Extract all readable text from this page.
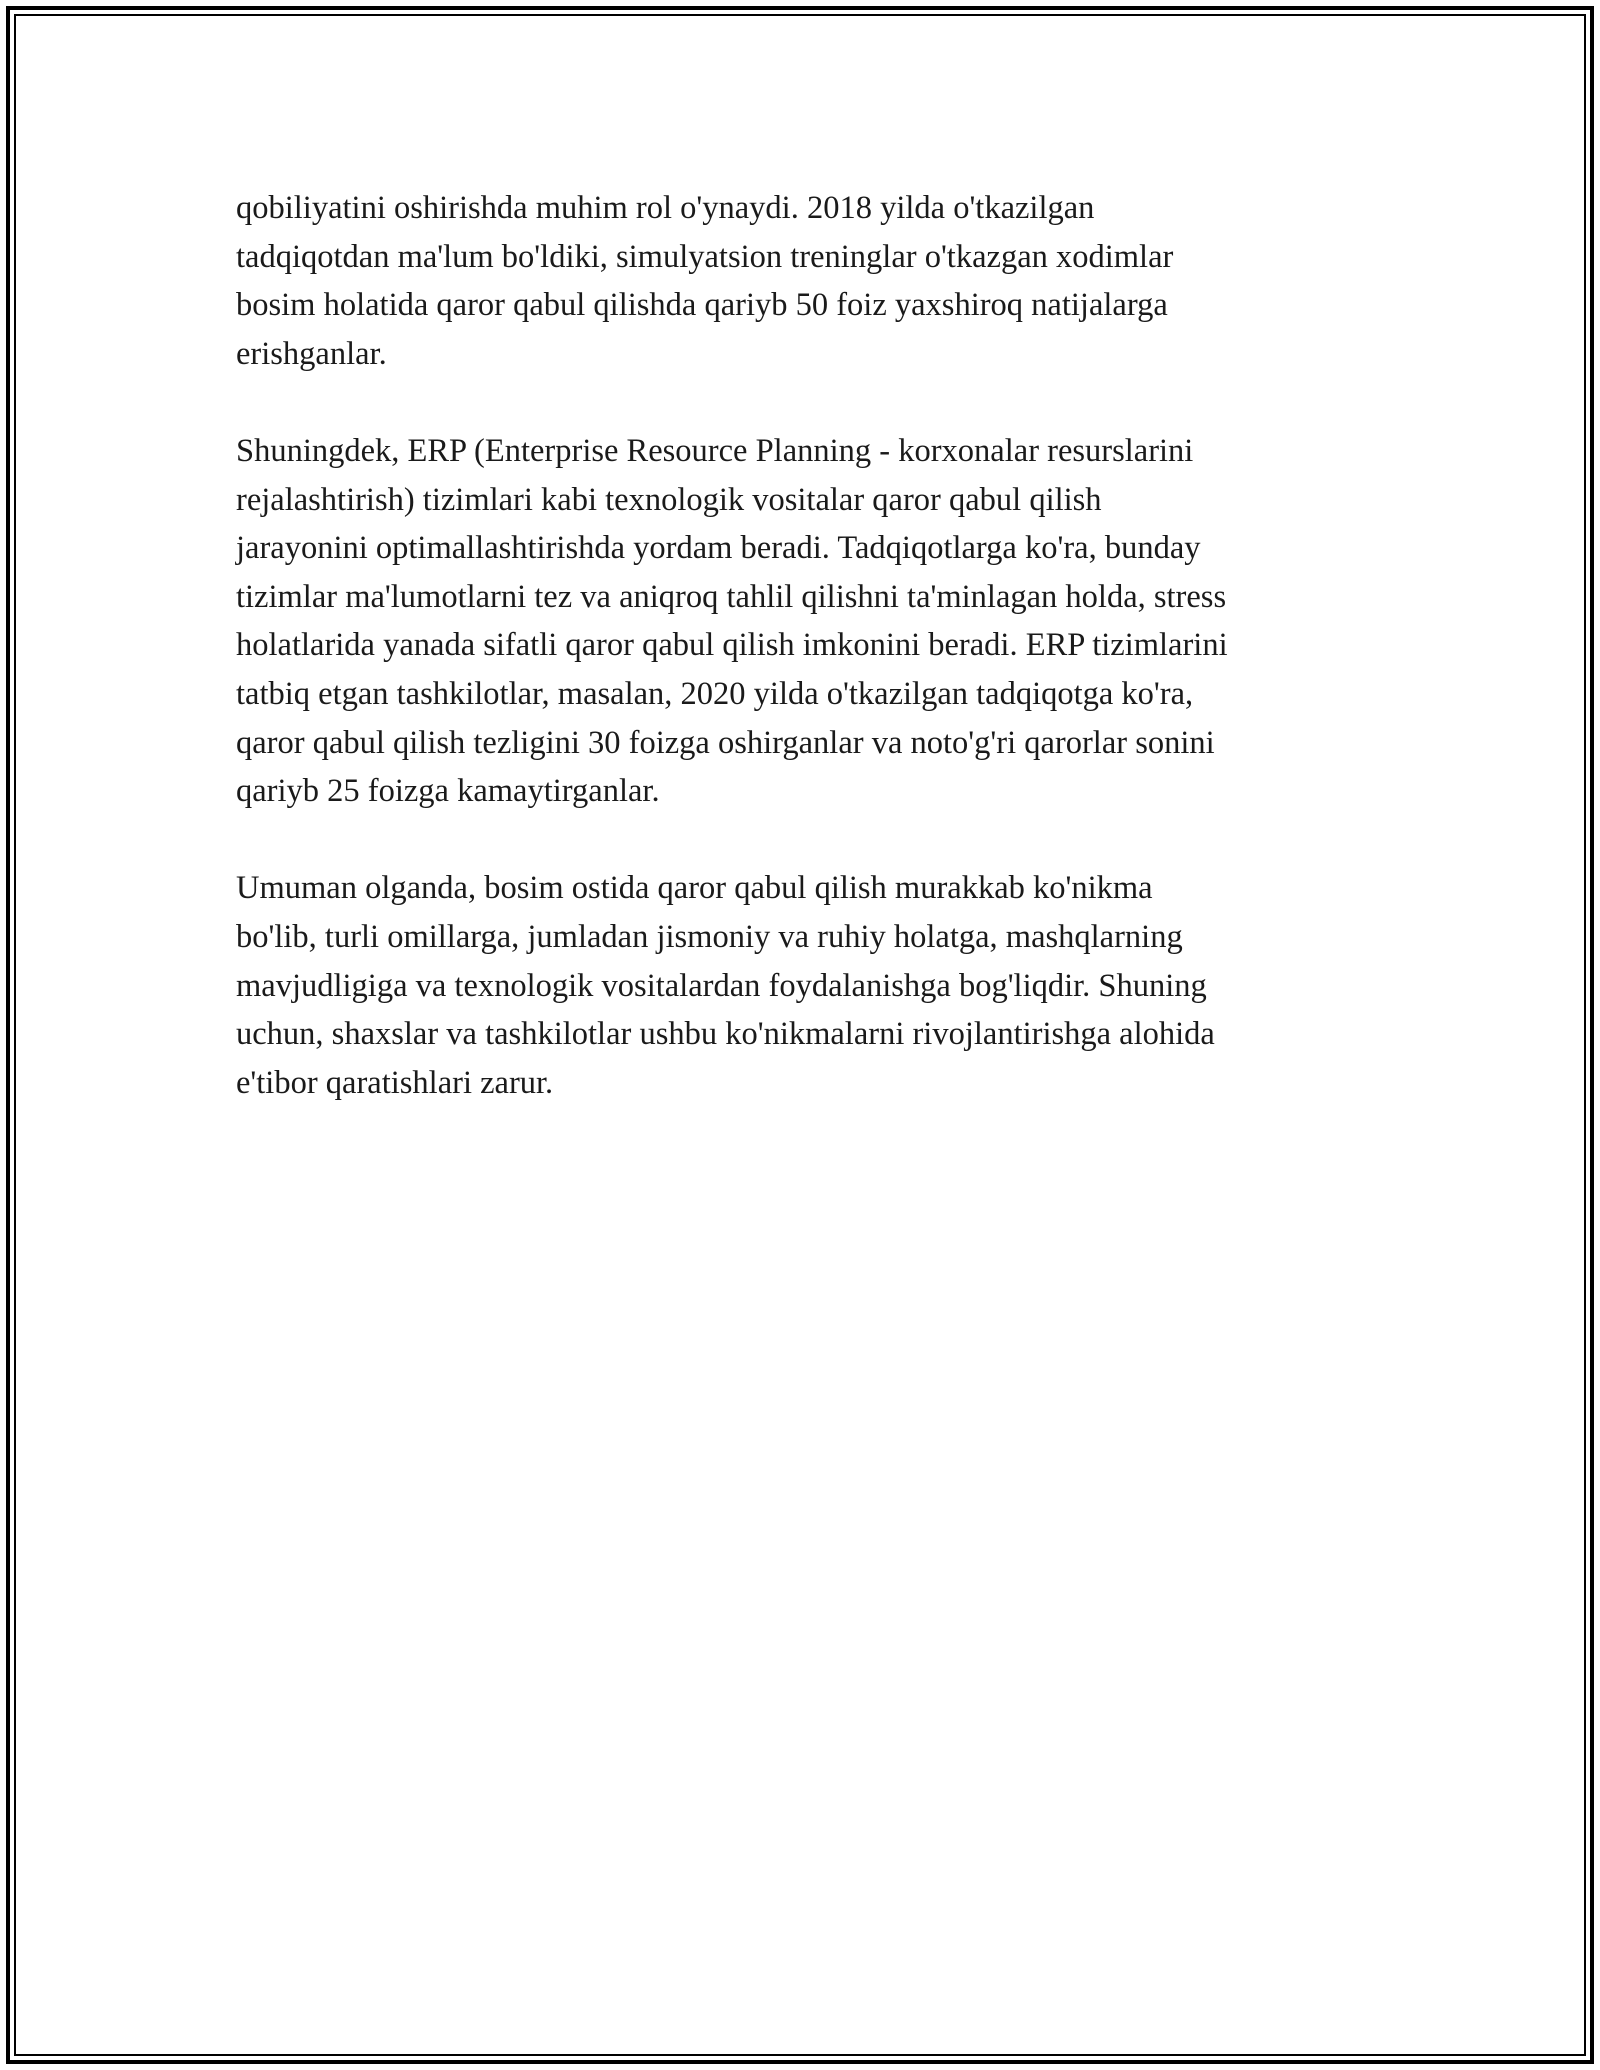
qobiliyatini oshirishda muhim rol o'ynaydi. 2018 yilda o'tkazilgan
tadqiqotdan ma'lum bo'ldiki, simulyatsion treninglar o'tkazgan xodimlar
bosim holatida qaror qabul qilishda qariyb 50 foiz yaxshiroq natijalarga
erishganlar.

Shuningdek, ERP (Enterprise Resource Planning - korxonalar resurslarini
rejalashtirish) tizimlari kabi texnologik vositalar qaror qabul qilish
jarayonini optimallashtirishda yordam beradi. Tadqiqotlarga ko'ra, bunday
tizimlar ma'lumotlarni tez va aniqroq tahlil qilishni ta'minlagan holda, stress
holatlarida yanada sifatli qaror qabul qilish imkonini beradi. ERP tizimlarini
tatbiq etgan tashkilotlar, masalan, 2020 yilda o'tkazilgan tadqiqotga ko'ra,
qaror qabul qilish tezligini 30 foizga oshirganlar va noto'g'ri qarorlar sonini
qariyb 25 foizga kamaytirganlar.

Umuman olganda, bosim ostida qaror qabul qilish murakkab ko'nikma
bo'lib, turli omillarga, jumladan jismoniy va ruhiy holatga, mashqlarning
mavjudligiga va texnologik vositalardan foydalanishga bog'liqdir. Shuning
uchun, shaxslar va tashkilotlar ushbu ko'nikmalarni rivojlantirishga alohida
e'tibor qaratishlari zarur.
